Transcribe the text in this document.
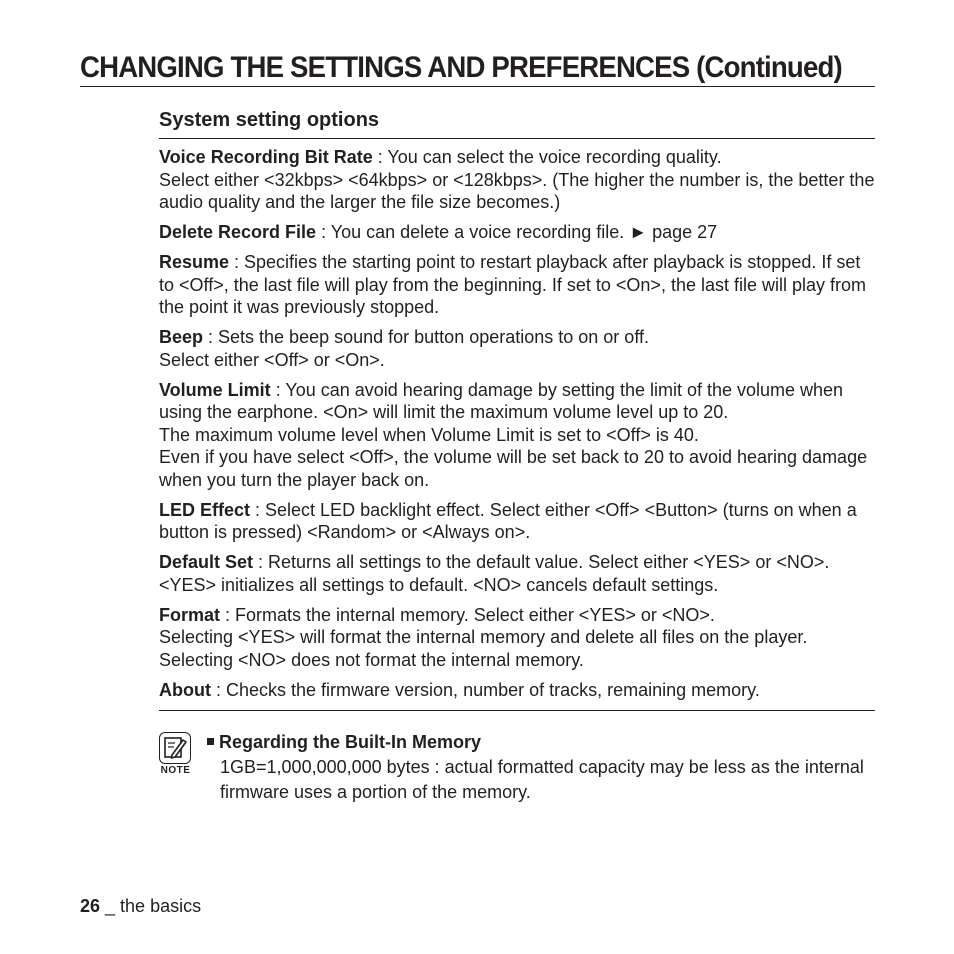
CHANGING THE SETTINGS AND PREFERENCES (Continued)
System setting options
Voice Recording Bit Rate : You can select the voice recording quality.
Select either <32kbps> <64kbps> or <128kbps>. (The higher the number is, the better the audio quality and the larger the file size becomes.)
Delete Record File : You can delete a voice recording file. ► page 27
Resume : Specifies the starting point to restart playback after playback is stopped. If set to <Off>, the last file will play from the beginning. If set to <On>, the last file will play from the point it was previously stopped.
Beep : Sets the beep sound for button operations to on or off.
Select either <Off> or <On>.
Volume Limit : You can avoid hearing damage by setting the limit of the volume when using the earphone. <On> will limit the maximum volume level up to 20.
The maximum volume level when Volume Limit is set to <Off> is 40.
Even if you have select <Off>, the volume will be set back to 20 to avoid hearing damage when you turn the player back on.
LED Effect : Select LED backlight effect. Select either <Off> <Button> (turns on when a button is pressed) <Random> or <Always on>.
Default Set : Returns all settings to the default value. Select either <YES> or <NO>. <YES> initializes all settings to default. <NO> cancels default settings.
Format : Formats the internal memory. Select either <YES> or <NO>.
Selecting <YES> will format the internal memory and delete all files on the player.
Selecting <NO> does not format the internal memory.
About : Checks the firmware version, number of tracks, remaining memory.
NOTE
Regarding the Built-In Memory
1GB=1,000,000,000 bytes : actual formatted capacity may be less as the internal firmware uses a portion of the memory.
26 _ the basics
